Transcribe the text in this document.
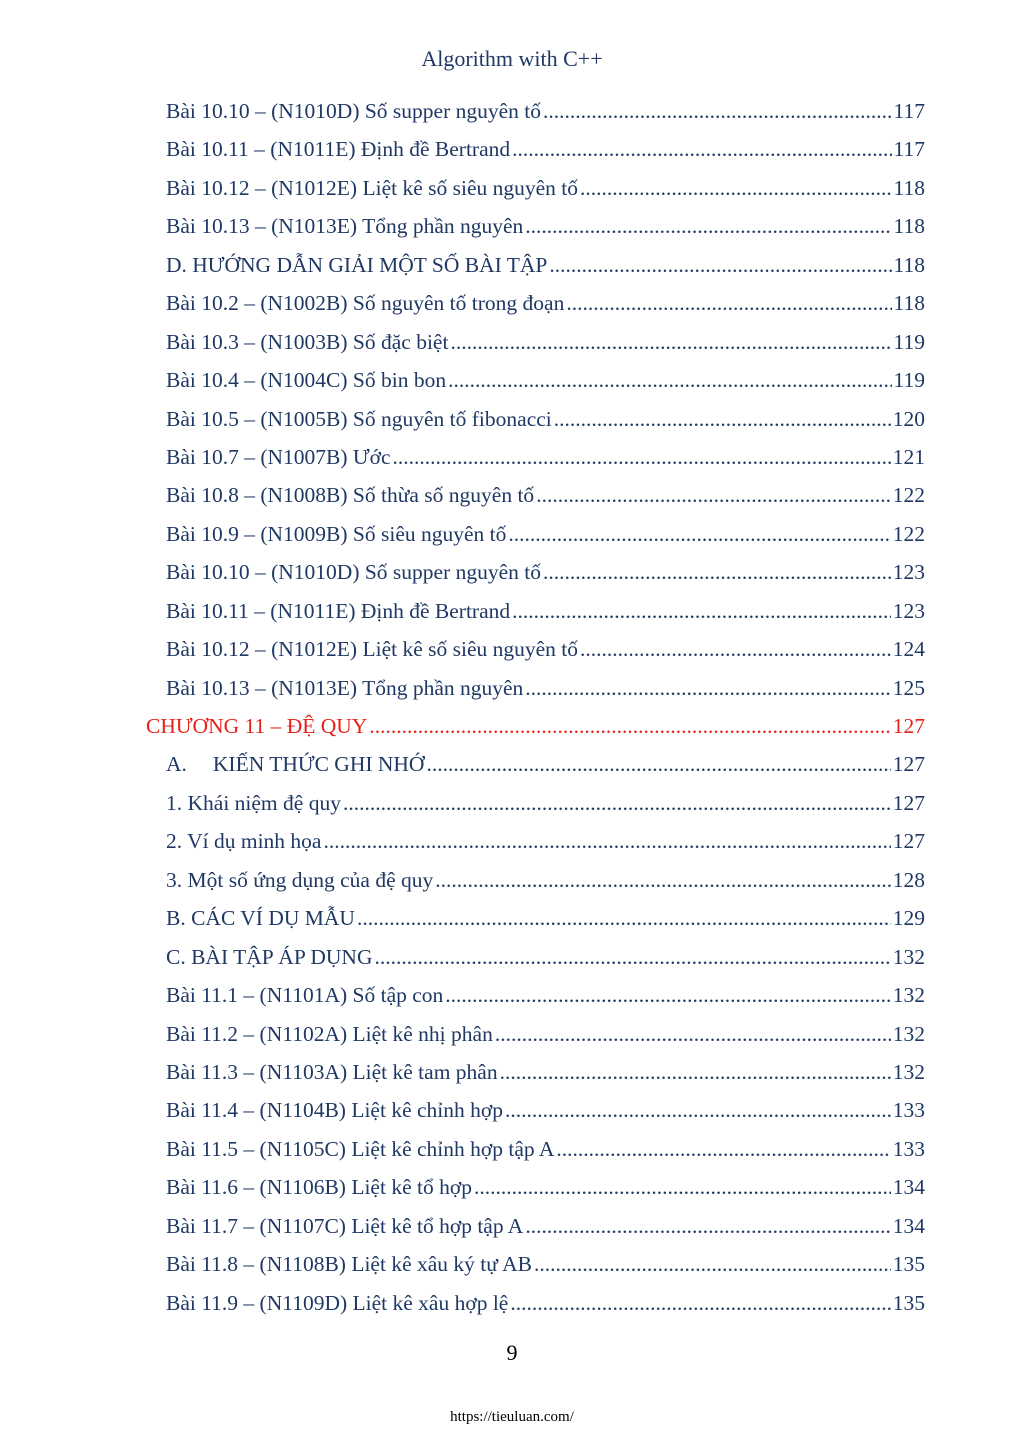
Algorithm with C++
Bài 10.10 – (N1010D) Số supper nguyên tố .....	117
Bài 10.11 – (N1011E) Định đề Bertrand .....	117
Bài 10.12 – (N1012E) Liệt kê số siêu nguyên tố .....	118
Bài 10.13 – (N1013E) Tổng phần nguyên .....	118
D. HƯỚNG DẪN GIẢI MỘT SỐ BÀI TẬP .....	118
Bài 10.2 – (N1002B) Số nguyên tố trong đoạn .....	118
Bài 10.3 – (N1003B) Số đặc biệt .....	119
Bài 10.4 – (N1004C) Số bin bon .....	119
Bài 10.5 – (N1005B) Số nguyên tố fibonacci .....	120
Bài 10.7 – (N1007B) Ước .....	121
Bài 10.8 – (N1008B) Số thừa số nguyên tố .....	122
Bài 10.9 – (N1009B) Số siêu nguyên tố .....	122
Bài 10.10 – (N1010D) Số supper nguyên tố .....	123
Bài 10.11 – (N1011E) Định đề Bertrand .....	123
Bài 10.12 – (N1012E) Liệt kê số siêu nguyên tố .....	124
Bài 10.13 – (N1013E) Tổng phần nguyên .....	125
CHƯƠNG 11 – ĐỆ QUY .....	127
A. KIẾN THỨC GHI NHỚ .....	127
1. Khái niệm đệ quy .....	127
2. Ví dụ minh họa .....	127
3. Một số ứng dụng của đệ quy .....	128
B. CÁC VÍ DỤ MẪU .....	129
C. BÀI TẬP ÁP DỤNG .....	132
Bài 11.1 – (N1101A) Số tập con .....	132
Bài 11.2 – (N1102A) Liệt kê nhị phân .....	132
Bài 11.3 – (N1103A) Liệt kê tam phân .....	132
Bài 11.4 – (N1104B) Liệt kê chỉnh hợp .....	133
Bài 11.5 – (N1105C) Liệt kê chỉnh hợp tập A .....	133
Bài 11.6 – (N1106B) Liệt kê tổ hợp .....	134
Bài 11.7 – (N1107C) Liệt kê tổ hợp tập A .....	134
Bài 11.8 – (N1108B) Liệt kê xâu ký tự AB .....	135
Bài 11.9 – (N1109D) Liệt kê xâu hợp lệ .....	135
9
https://tieuluan.com/
